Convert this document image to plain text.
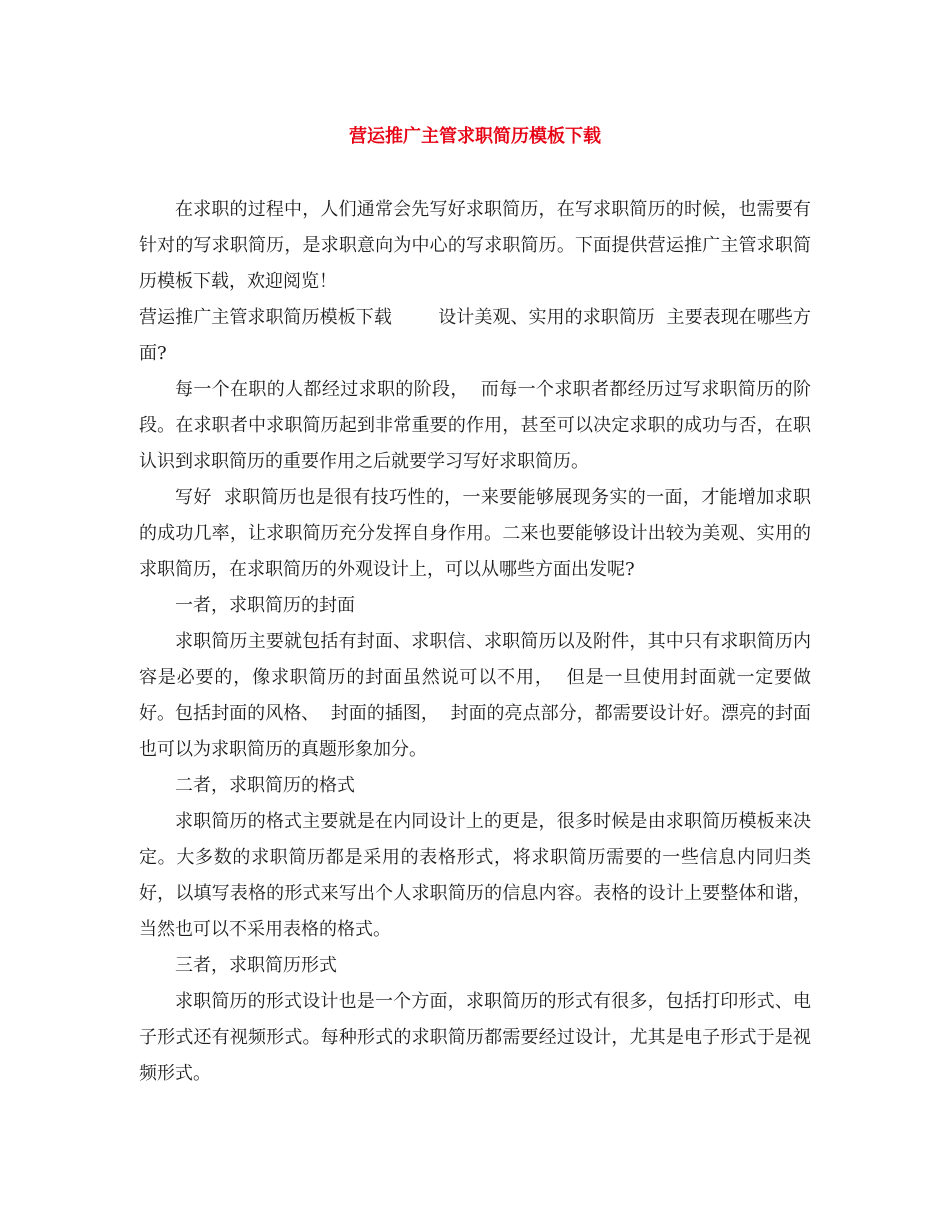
营运推广主管求职简历模板下载

在求职的过程中，人们通常会先写好求职简历，在写求职简历的时候，也需要有针对的写求职简历，是求职意向为中心的写求职简历。下面提供营运推广主管求职简历模板下载，欢迎阅览！

营运推广主管求职简历模板下载        设计美观、实用的求职简历  主要表现在哪些方面?

每一个在职的人都经过求职的阶段，  而每一个求职者都经历过写求职简历的阶段。在求职者中求职简历起到非常重要的作用，甚至可以决定求职的成功与否，在职认识到求职简历的重要作用之后就要学习写好求职简历。

写好  求职简历也是很有技巧性的，一来要能够展现务实的一面，才能增加求职的成功几率，让求职简历充分发挥自身作用。二来也要能够设计出较为美观、实用的求职简历，在求职简历的外观设计上，可以从哪些方面出发呢?

一者，求职简历的封面

求职简历主要就包括有封面、求职信、求职简历以及附件，其中只有求职简历内容是必要的，像求职简历的封面虽然说可以不用，  但是一旦使用封面就一定要做好。包括封面的风格、  封面的插图，  封面的亮点部分，都需要设计好。漂亮的封面也可以为求职简历的真题形象加分。

二者，求职简历的格式

求职简历的格式主要就是在内同设计上的更是，很多时候是由求职简历模板来决定。大多数的求职简历都是采用的表格形式，将求职简历需要的一些信息内同归类好，以填写表格的形式来写出个人求职简历的信息内容。表格的设计上要整体和谐，当然也可以不采用表格的格式。

三者，求职简历形式

求职简历的形式设计也是一个方面，求职简历的形式有很多，包括打印形式、电子形式还有视频形式。每种形式的求职简历都需要经过设计，尤其是电子形式于是视频形式。
